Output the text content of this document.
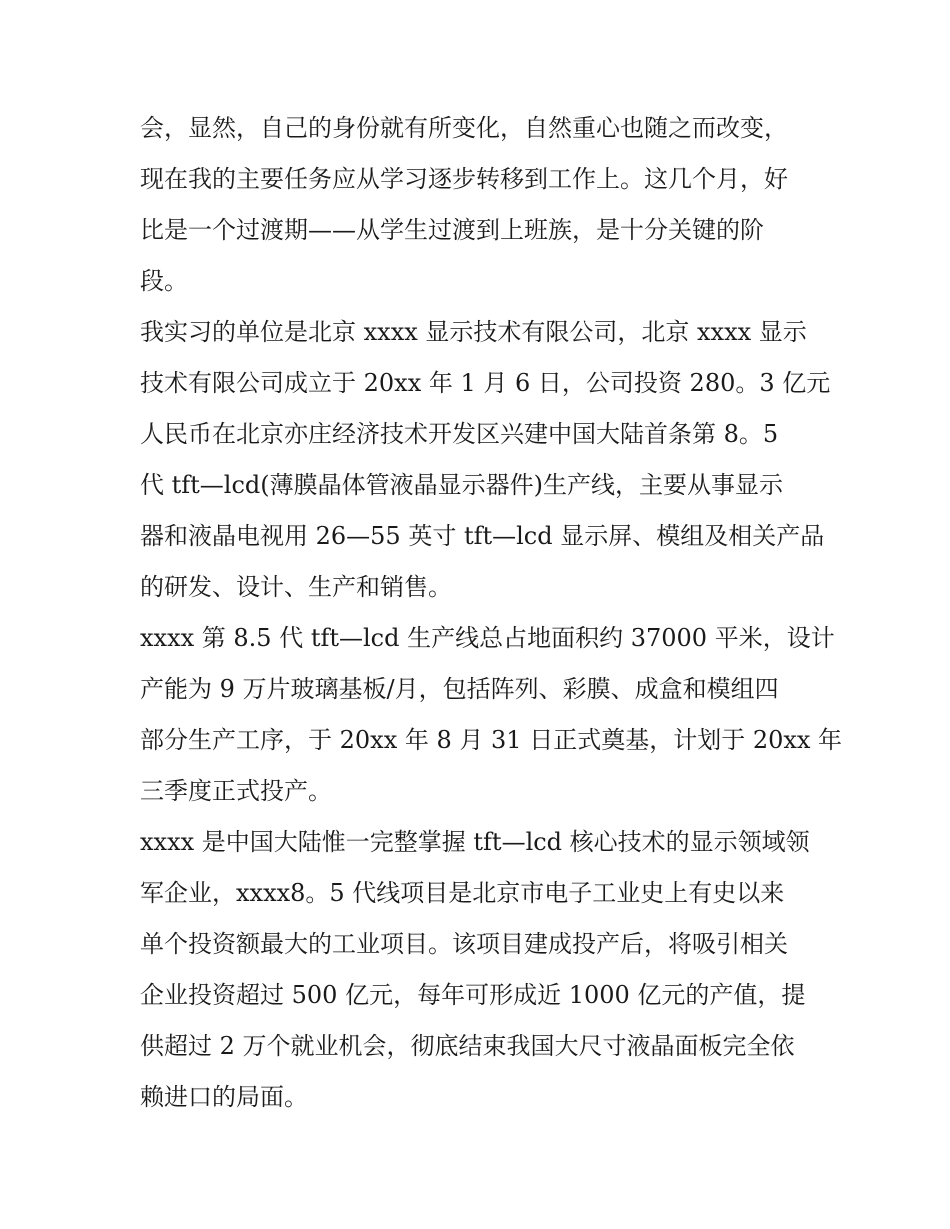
会，显然，自己的身份就有所变化，自然重心也随之而改变，
现在我的主要任务应从学习逐步转移到工作上。这几个月，好
比是一个过渡期——从学生过渡到上班族，是十分关键的阶
段。
我实习的单位是北京 xxxx 显示技术有限公司，北京 xxxx 显示
技术有限公司成立于 20xx 年 1 月 6 日，公司投资 280。3 亿元
人民币在北京亦庄经济技术开发区兴建中国大陆首条第 8。5
代 tft—lcd(薄膜晶体管液晶显示器件)生产线，主要从事显示
器和液晶电视用 26—55 英寸 tft—lcd 显示屏、模组及相关产品
的研发、设计、生产和销售。
xxxx 第 8.5 代 tft—lcd 生产线总占地面积约 37000 平米，设计
产能为 9 万片玻璃基板/月，包括阵列、彩膜、成盒和模组四
部分生产工序，于 20xx 年 8 月 31 日正式奠基，计划于 20xx 年
三季度正式投产。
xxxx 是中国大陆惟一完整掌握 tft—lcd 核心技术的显示领域领
军企业，xxxx8。5 代线项目是北京市电子工业史上有史以来
单个投资额最大的工业项目。该项目建成投产后，将吸引相关
企业投资超过 500 亿元，每年可形成近 1000 亿元的产值，提
供超过 2 万个就业机会，彻底结束我国大尺寸液晶面板完全依
赖进口的局面。
